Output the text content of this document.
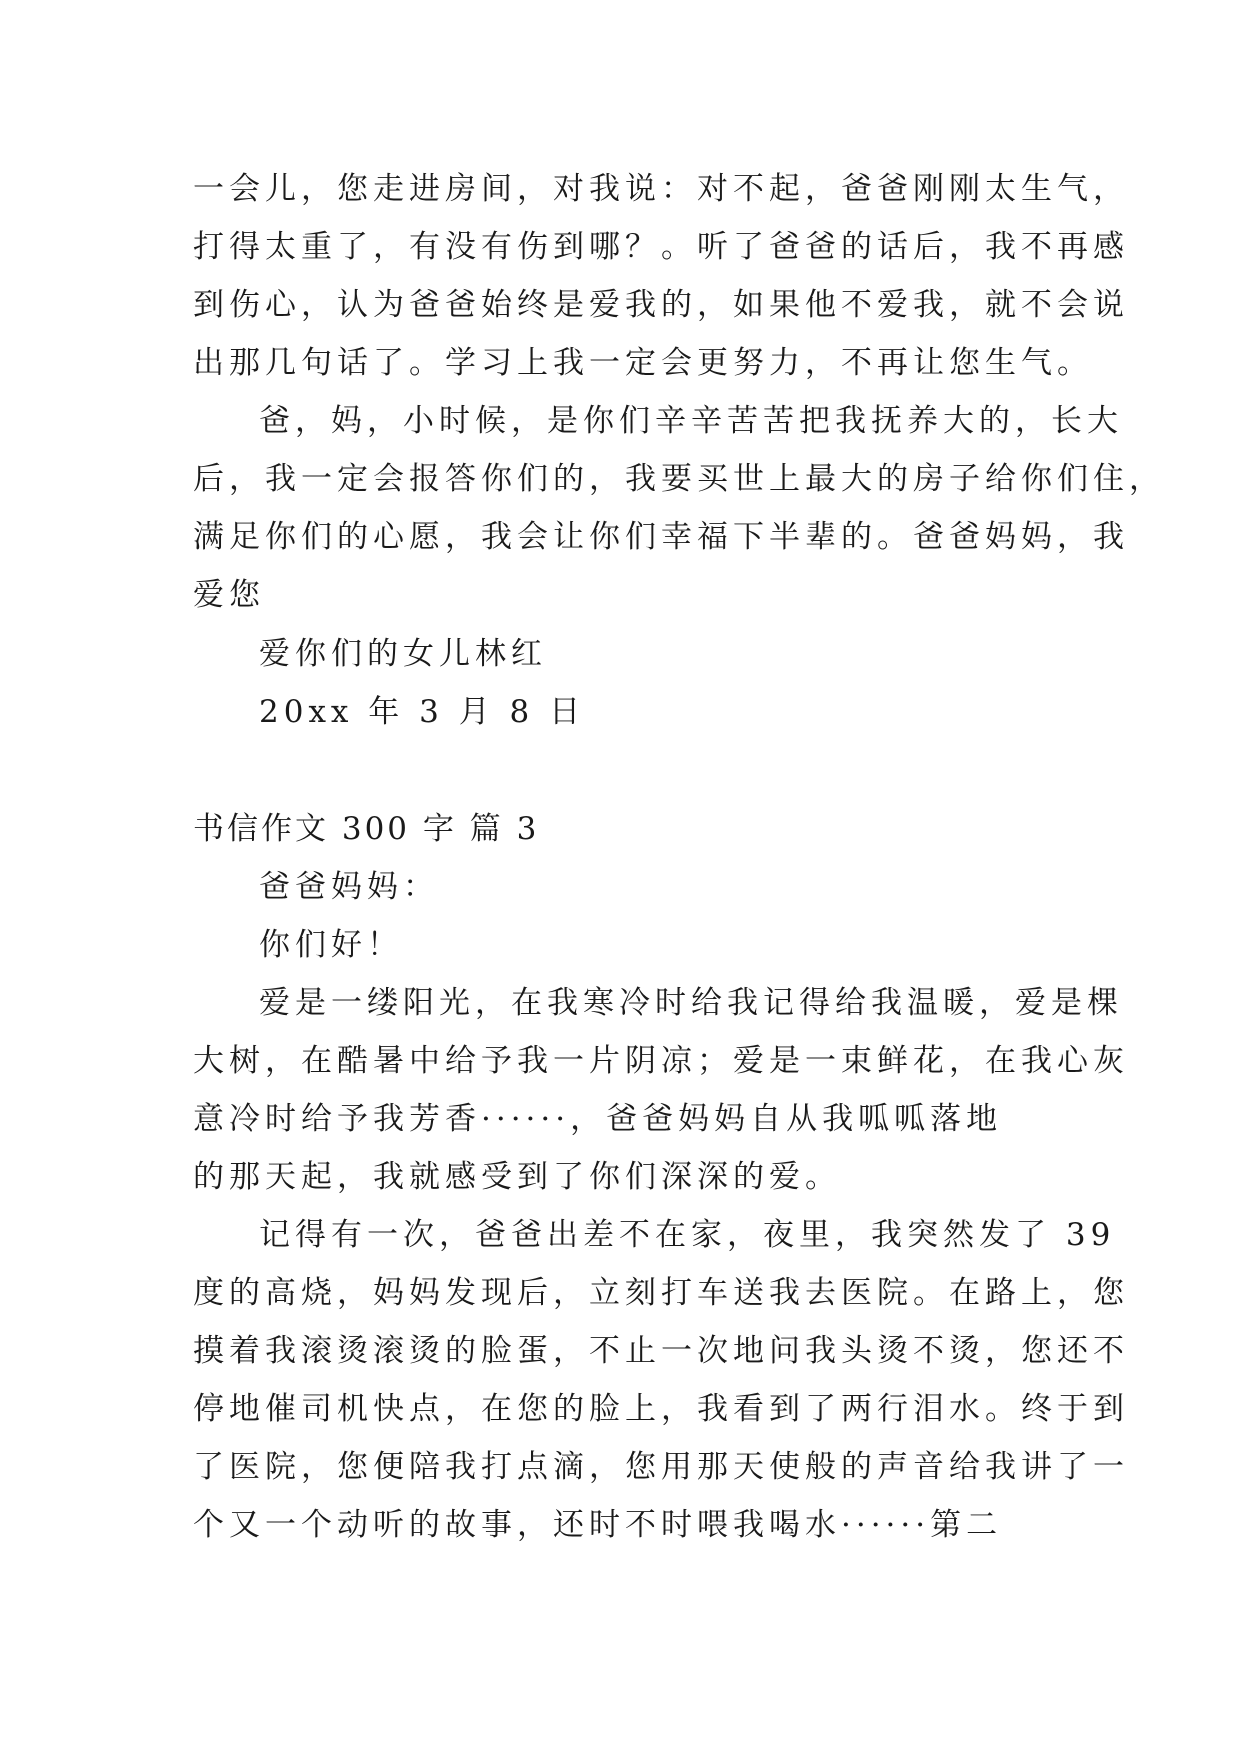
一会儿，您走进房间，对我说：对不起，爸爸刚刚太生气，
打得太重了，有没有伤到哪？。听了爸爸的话后，我不再感
到伤心，认为爸爸始终是爱我的，如果他不爱我，就不会说
出那几句话了。学习上我一定会更努力，不再让您生气。
爸，妈，小时候，是你们辛辛苦苦把我抚养大的，长大
后，我一定会报答你们的，我要买世上最大的房子给你们住，
满足你们的心愿，我会让你们幸福下半辈的。爸爸妈妈，我
爱您
爱你们的女儿林红
20xx 年 3 月 8 日
书信作文 300 字 篇 3
爸爸妈妈：
你们好！
爱是一缕阳光，在我寒冷时给我记得给我温暖，爱是棵
大树，在酷暑中给予我一片阴凉；爱是一束鲜花，在我心灰
意冷时给予我芳香······，爸爸妈妈自从我呱呱落地
的那天起，我就感受到了你们深深的爱。
记得有一次，爸爸出差不在家，夜里，我突然发了 39
度的高烧，妈妈发现后，立刻打车送我去医院。在路上，您
摸着我滚烫滚烫的脸蛋，不止一次地问我头烫不烫，您还不
停地催司机快点，在您的脸上，我看到了两行泪水。终于到
了医院，您便陪我打点滴，您用那天使般的声音给我讲了一
个又一个动听的故事，还时不时喂我喝水······第二
